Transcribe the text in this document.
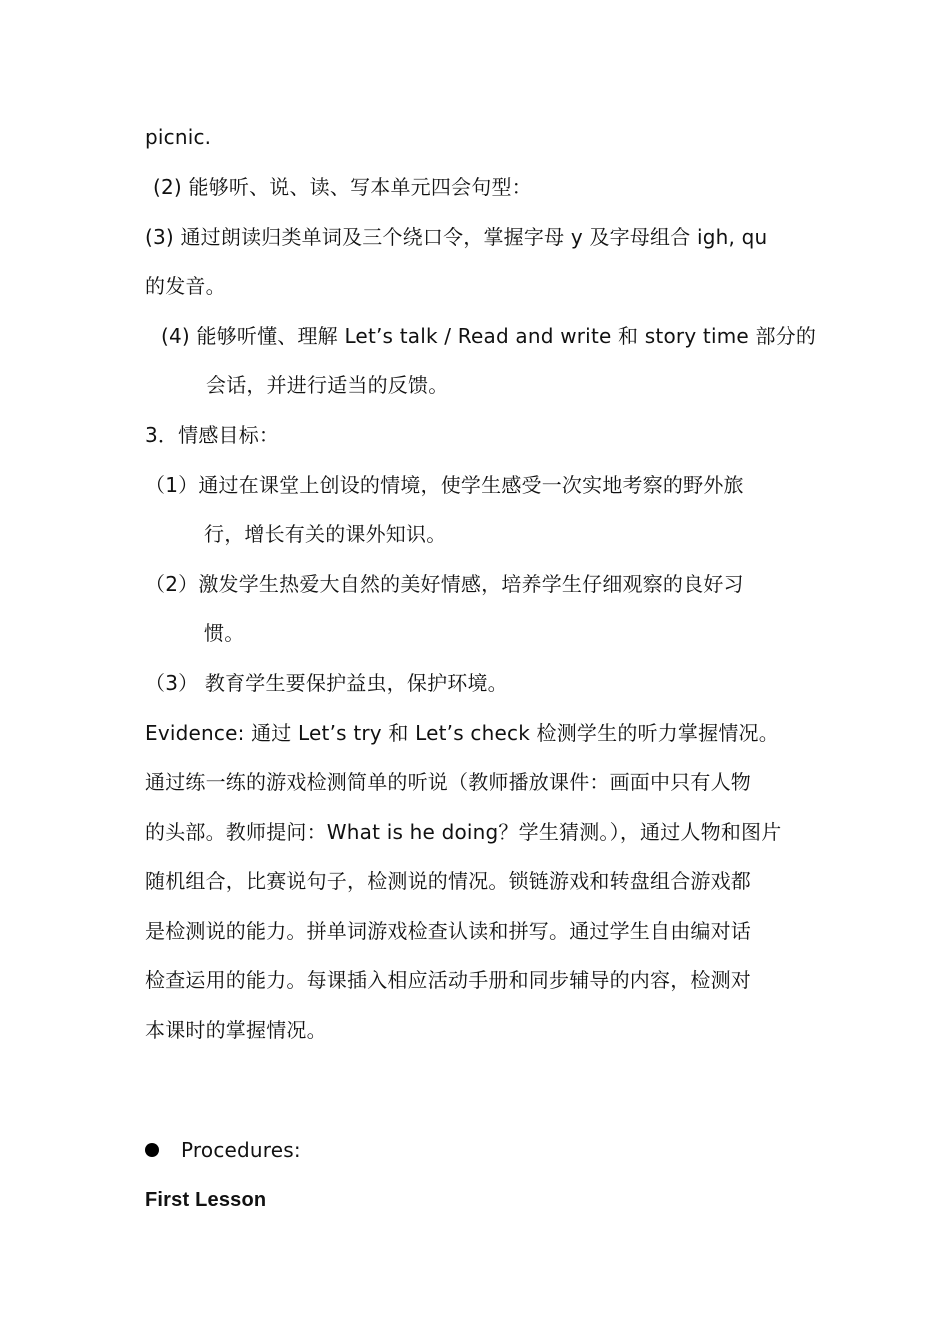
picnic.
(2) 能够听、说、读、写本单元四会句型：
(3) 通过朗读归类单词及三个绕口令，掌握字母 y 及字母组合 igh, qu
的发音。
(4) 能够听懂、理解 Let’s talk / Read and write 和 story time 部分的
会话，并进行适当的反馈。
3．情感目标：
（1）通过在课堂上创设的情境，使学生感受一次实地考察的野外旅
行，增长有关的课外知识。
（2）激发学生热爱大自然的美好情感，培养学生仔细观察的良好习
惯。
（3） 教育学生要保护益虫，保护环境。
Evidence: 通过 Let’s try 和 Let’s check 检测学生的听力掌握情况。
通过练一练的游戏检测简单的听说（教师播放课件：画面中只有人物
的头部。教师提问：What is he doing？学生猜测。），通过人物和图片
随机组合，比赛说句子，检测说的情况。锁链游戏和转盘组合游戏都
是检测说的能力。拼单词游戏检查认读和拼写。通过学生自由编对话
检查运用的能力。每课插入相应活动手册和同步辅导的内容，检测对
本课时的掌握情况。
Procedures:
First Lesson
